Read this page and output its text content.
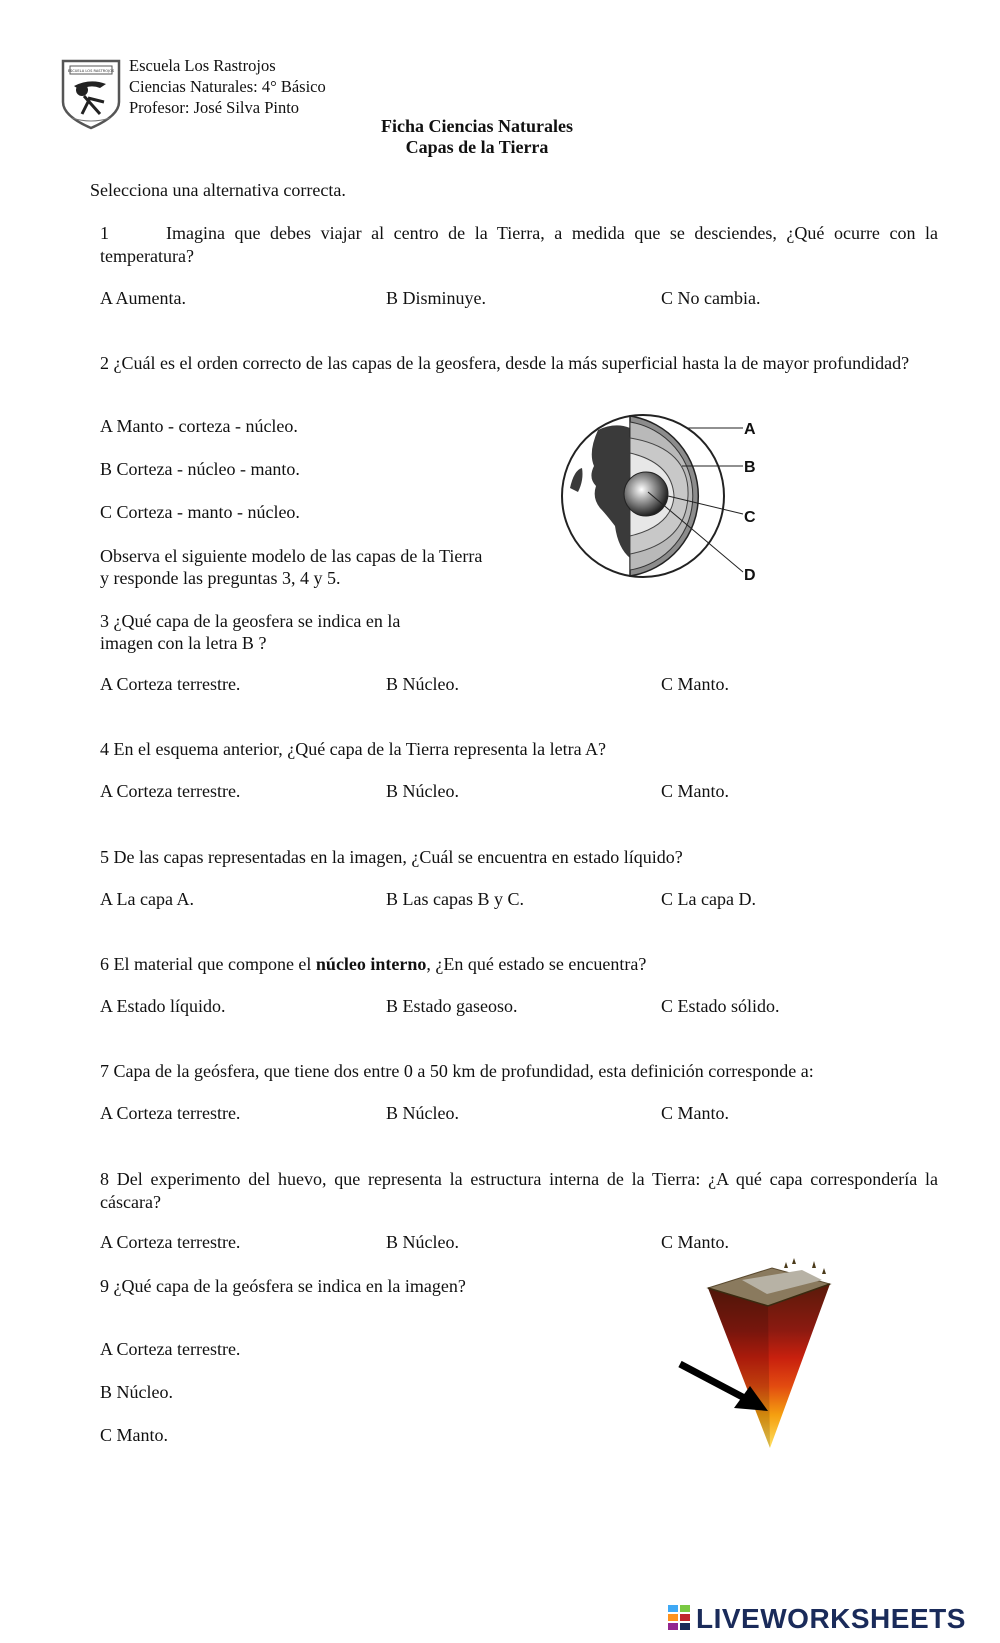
ESCUELA LOS RASTROJOS Escuela Los Rastrojos
Ciencias Naturales: 4° Básico
Profesor: José Silva Pinto
Ficha Ciencias Naturales
Capas de la Tierra
Selecciona una alternativa correcta.
1	Imagina que debes viajar al centro de la Tierra, a medida que se desciendes, ¿Qué ocurre con la temperatura?
A Aumenta.	B Disminuye.	C No cambia.
2 ¿Cuál es el orden correcto de las capas de la geosfera, desde la más superficial hasta la de mayor profundidad?
A Manto - corteza - núcleo.
B Corteza - núcleo - manto.
C Corteza - manto - núcleo.
Observa el siguiente modelo de las capas de la Tierra
y responde las preguntas 3, 4 y 5.
A
B
C
D
3 ¿Qué capa de la geosfera se indica en la
imagen con la letra B ?
A Corteza terrestre.	B Núcleo.	C Manto.
4 En el esquema anterior, ¿Qué capa de la Tierra representa la letra A?
A Corteza terrestre.	B Núcleo.	C Manto.
5 De las capas representadas en la imagen, ¿Cuál se encuentra en estado líquido?
A La capa A.	B Las capas B y C.	C La capa D.
6 El material que compone el núcleo interno, ¿En qué estado se encuentra?
A Estado líquido.	B Estado gaseoso.	C Estado sólido.
7 Capa de la geósfera, que tiene dos entre 0 a 50 km de profundidad, esta definición corresponde a:
A Corteza terrestre.	B Núcleo.	C Manto.
8 Del experimento del huevo, que representa la estructura interna de la Tierra: ¿A qué capa correspondería la cáscara?
A Corteza terrestre.	B Núcleo.	C Manto.
9 ¿Qué capa de la geósfera se indica en la imagen?
A Corteza terrestre.
B Núcleo.
C Manto.
LIVEWORKSHEETS
